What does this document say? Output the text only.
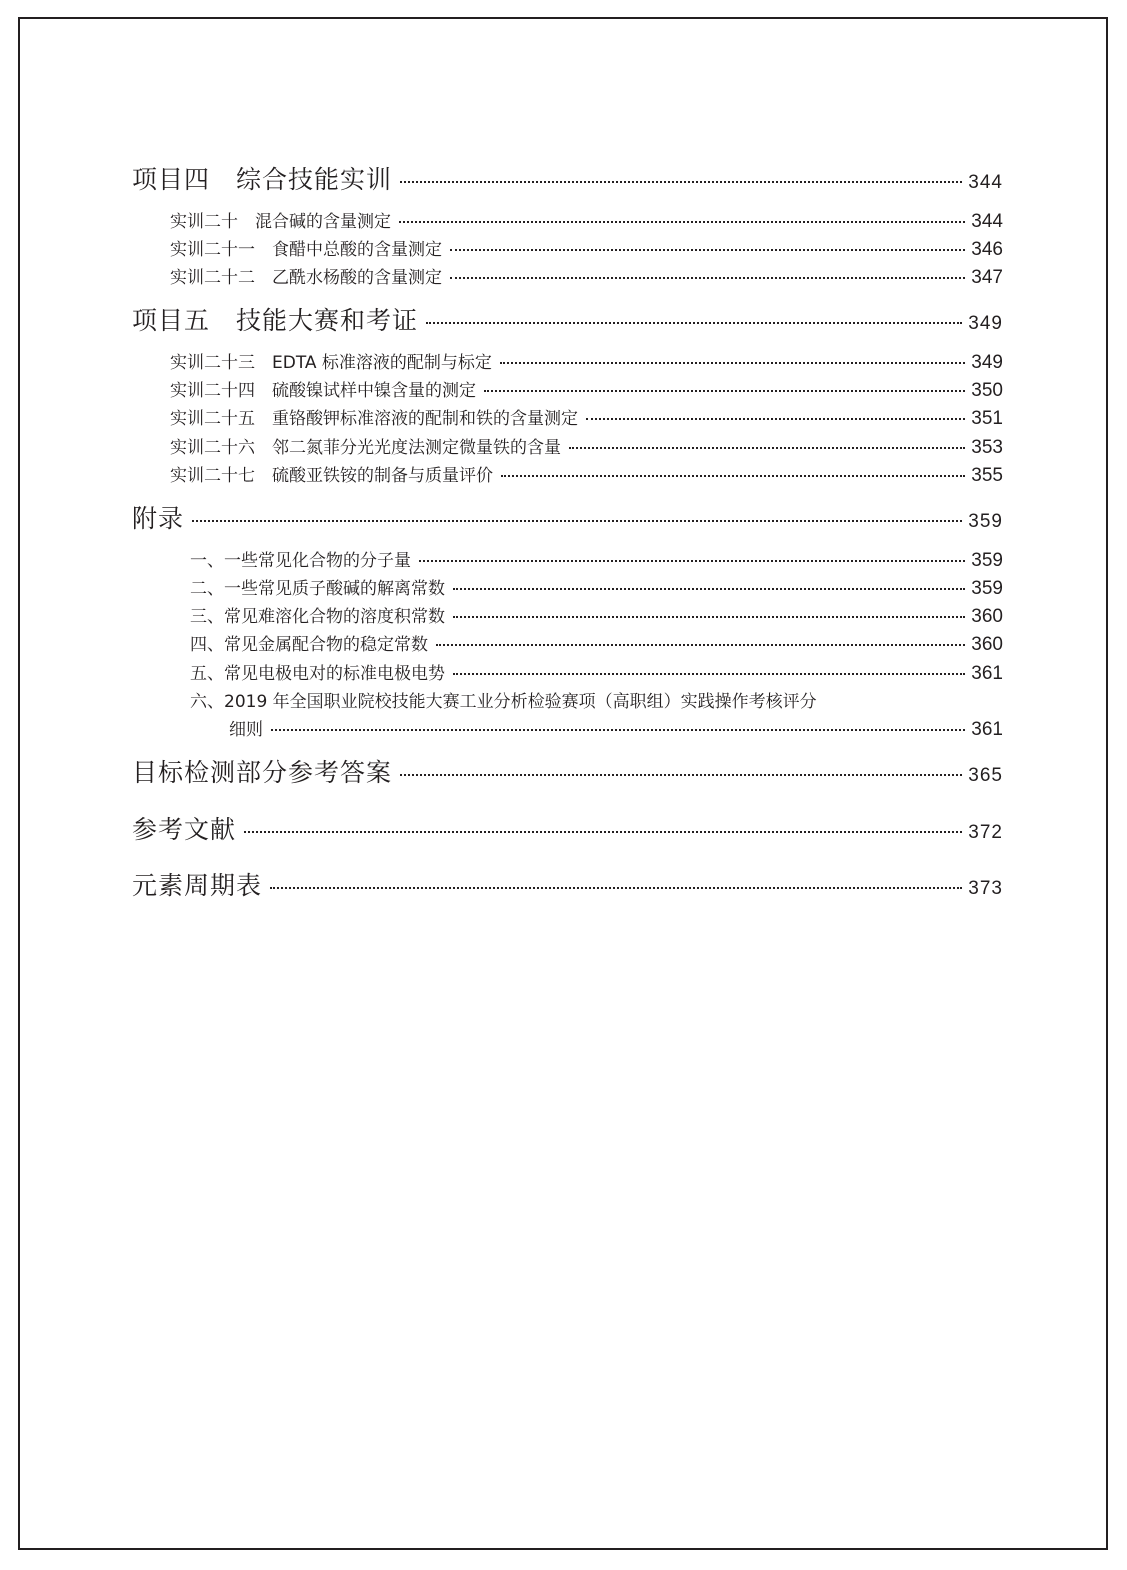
项目四　综合技能实训	344
实训二十　混合碱的含量测定	344
实训二十一　食醋中总酸的含量测定	346
实训二十二　乙酰水杨酸的含量测定	347
项目五　技能大赛和考证	349
实训二十三　EDTA 标准溶液的配制与标定	349
实训二十四　硫酸镍试样中镍含量的测定	350
实训二十五　重铬酸钾标准溶液的配制和铁的含量测定	351
实训二十六　邻二氮菲分光光度法测定微量铁的含量	353
实训二十七　硫酸亚铁铵的制备与质量评价	355
附录	359
一、一些常见化合物的分子量	359
二、一些常见质子酸碱的解离常数	359
三、常见难溶化合物的溶度积常数	360
四、常见金属配合物的稳定常数	360
五、常见电极电对的标准电极电势	361
六、2019 年全国职业院校技能大赛工业分析检验赛项（高职组）实践操作考核评分
细则	361
目标检测部分参考答案	365
参考文献	372
元素周期表	373
